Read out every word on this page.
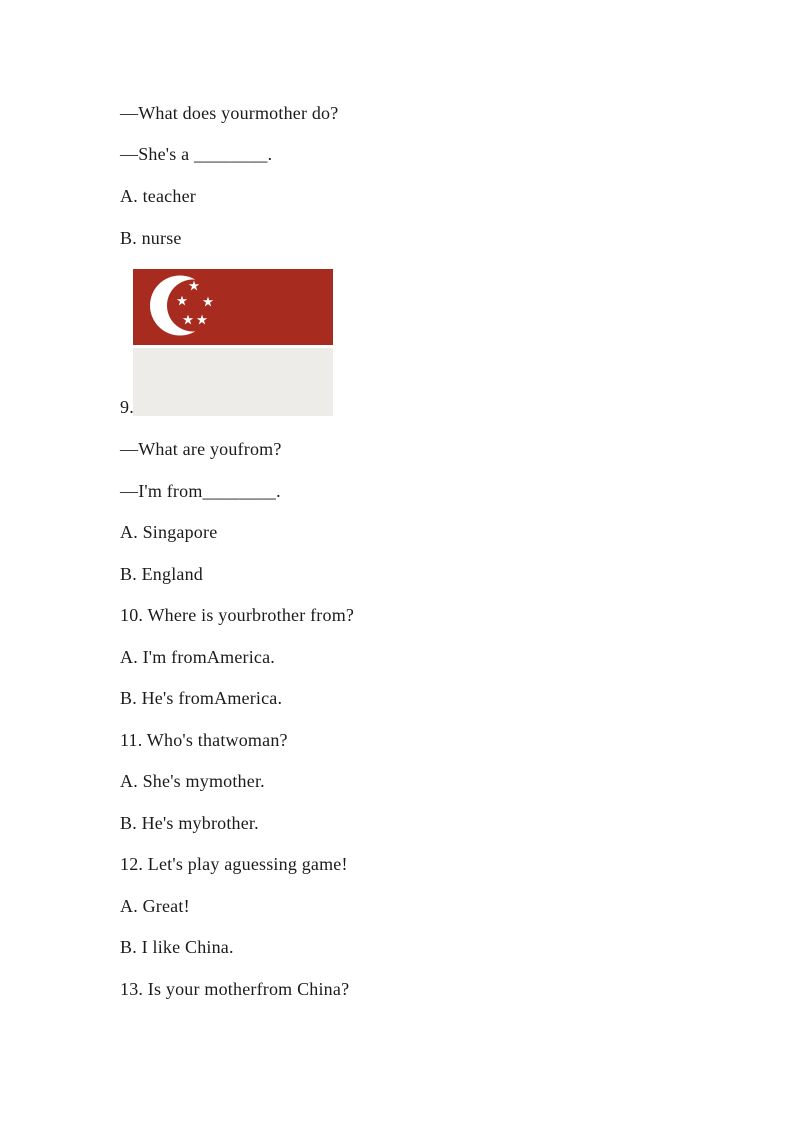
—What does yourmother do?
—She's a ________.
A. teacher
B. nurse
9.
—What are youfrom?
—I'm from________.
A. Singapore
B. England
10. Where is yourbrother from?
A. I'm fromAmerica.
B. He's fromAmerica.
11. Who's thatwoman?
A. She's mymother.
B. He's mybrother.
12. Let's play aguessing game!
A. Great!
B. I like China.
13. Is your motherfrom China?
